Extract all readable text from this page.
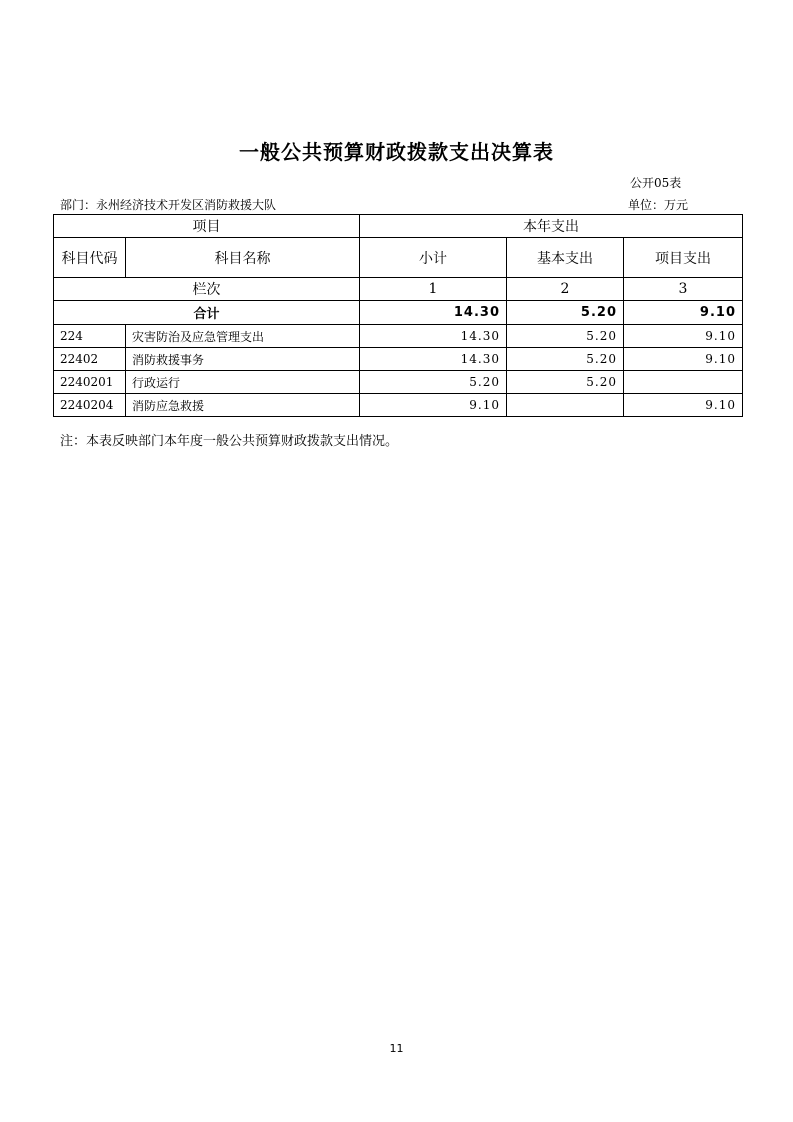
一般公共预算财政拨款支出决算表
公开05表
部门：永州经济技术开发区消防救援大队	单位：万元
项目		本年支出		
科目代码	科目名称	小计	基本支出	项目支出
栏次		1	2	3
合计		14.30	5.20	9.10
224	灾害防治及应急管理支出	14.30	5.20	9.10
22402	消防救援事务	14.30	5.20	9.10
2240201	行政运行	5.20	5.20	
2240204	消防应急救援	9.10		9.10
注：本表反映部门本年度一般公共预算财政拨款支出情况。
11
